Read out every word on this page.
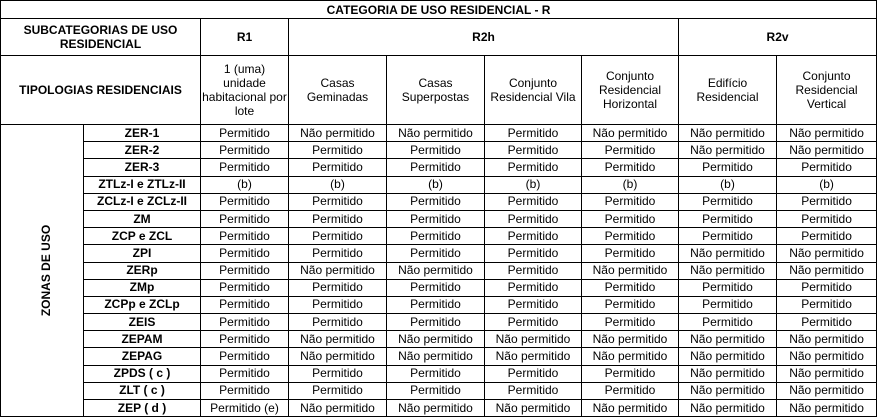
CATEGORIA DE USO RESIDENCIAL - R								
SUBCATEGORIAS DE USO RESIDENCIAL		R1	R2h				R2v	
TIPOLOGIAS RESIDENCIAIS		1 (uma) unidade habitacional por lote	Casas Geminadas	Casas Superpostas	Conjunto Residencial Vila	Conjunto Residencial Horizontal	Edifício Residencial	Conjunto Residencial Vertical
ZONAS DE USO	ZER-1	Permitido	Não permitido	Não permitido	Permitido	Não permitido	Não permitido	Não permitido
	ZER-2	Permitido	Permitido	Permitido	Permitido	Permitido	Não permitido	Não permitido
	ZER-3	Permitido	Permitido	Permitido	Permitido	Permitido	Permitido	Permitido
	ZTLz-I e ZTLz-II	(b)	(b)	(b)	(b)	(b)	(b)	(b)
	ZCLz-I e ZCLz-II	Permitido	Permitido	Permitido	Permitido	Permitido	Permitido	Permitido
	ZM	Permitido	Permitido	Permitido	Permitido	Permitido	Permitido	Permitido
	ZCP e ZCL	Permitido	Permitido	Permitido	Permitido	Permitido	Permitido	Permitido
	ZPI	Permitido	Permitido	Permitido	Permitido	Permitido	Não permitido	Não permitido
	ZERp	Permitido	Não permitido	Não permitido	Permitido	Não permitido	Não permitido	Não permitido
	ZMp	Permitido	Permitido	Permitido	Permitido	Permitido	Permitido	Permitido
	ZCPp e ZCLp	Permitido	Permitido	Permitido	Permitido	Permitido	Permitido	Permitido
	ZEIS	Permitido	Permitido	Permitido	Permitido	Permitido	Permitido	Permitido
	ZEPAM	Permitido	Não permitido	Não permitido	Não permitido	Não permitido	Não permitido	Não permitido
	ZEPAG	Permitido	Não permitido	Não permitido	Não permitido	Não permitido	Não permitido	Não permitido
	ZPDS ( c )	Permitido	Permitido	Permitido	Permitido	Permitido	Não permitido	Não permitido
	ZLT ( c )	Permitido	Permitido	Permitido	Permitido	Permitido	Não permitido	Não permitido
	ZEP ( d )	Permitido (e)	Não permitido	Não permitido	Não permitido	Não permitido	Não permitido	Não permitido
